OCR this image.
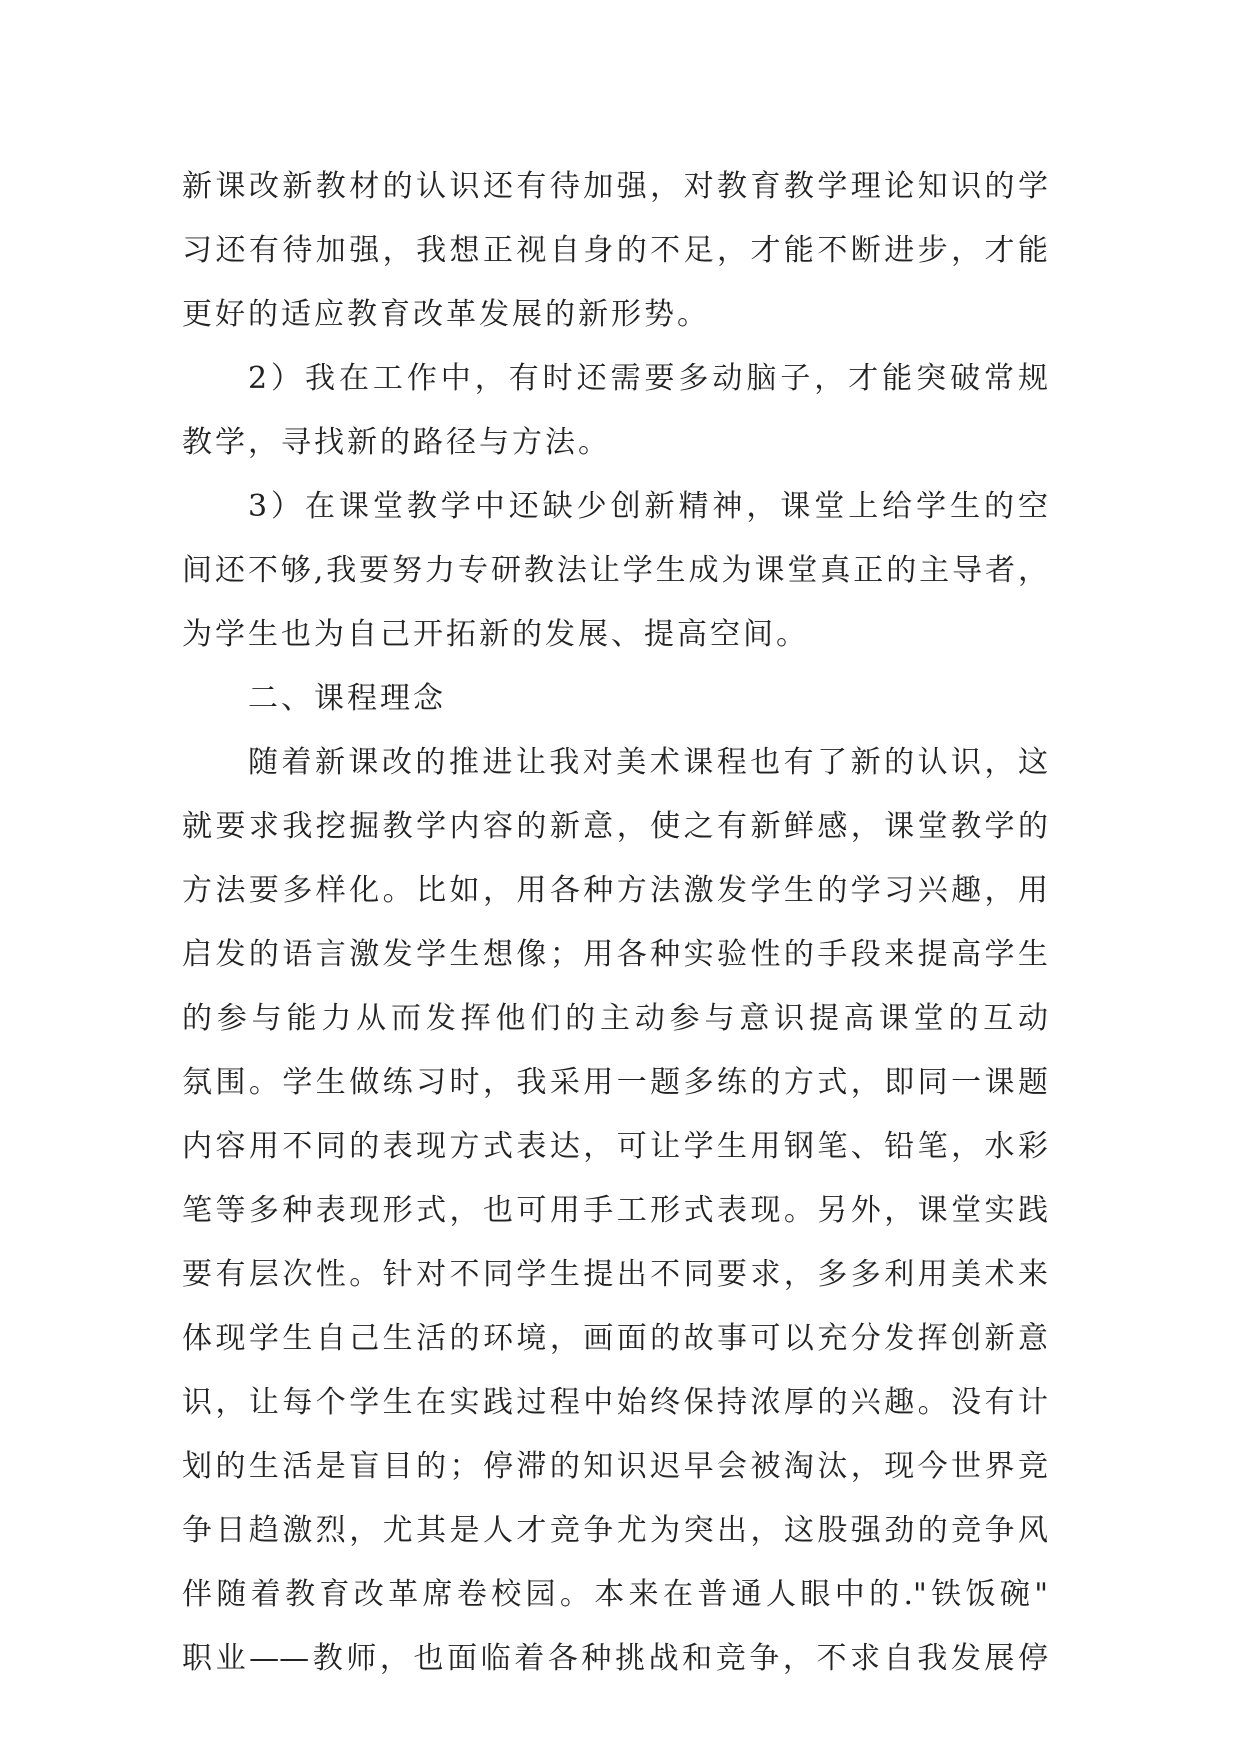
新课改新教材的认识还有待加强，对教育教学理论知识的学
习还有待加强，我想正视自身的不足，才能不断进步，才能
更好的适应教育改革发展的新形势。
2）我在工作中，有时还需要多动脑子，才能突破常规
教学，寻找新的路径与方法。
3）在课堂教学中还缺少创新精神，课堂上给学生的空
间还不够,我要努力专研教法让学生成为课堂真正的主导者，
为学生也为自己开拓新的发展、提高空间。
二、课程理念
随着新课改的推进让我对美术课程也有了新的认识，这
就要求我挖掘教学内容的新意，使之有新鲜感，课堂教学的
方法要多样化。比如，用各种方法激发学生的学习兴趣，用
启发的语言激发学生想像；用各种实验性的手段来提高学生
的参与能力从而发挥他们的主动参与意识提高课堂的互动
氛围。学生做练习时，我采用一题多练的方式，即同一课题
内容用不同的表现方式表达，可让学生用钢笔、铅笔，水彩
笔等多种表现形式，也可用手工形式表现。另外，课堂实践
要有层次性。针对不同学生提出不同要求，多多利用美术来
体现学生自己生活的环境，画面的故事可以充分发挥创新意
识，让每个学生在实践过程中始终保持浓厚的兴趣。没有计
划的生活是盲目的；停滞的知识迟早会被淘汰，现今世界竞
争日趋激烈，尤其是人才竞争尤为突出，这股强劲的竞争风
伴随着教育改革席卷校园。本来在普通人眼中的."铁饭碗"
职业——教师，也面临着各种挑战和竞争，不求自我发展停
